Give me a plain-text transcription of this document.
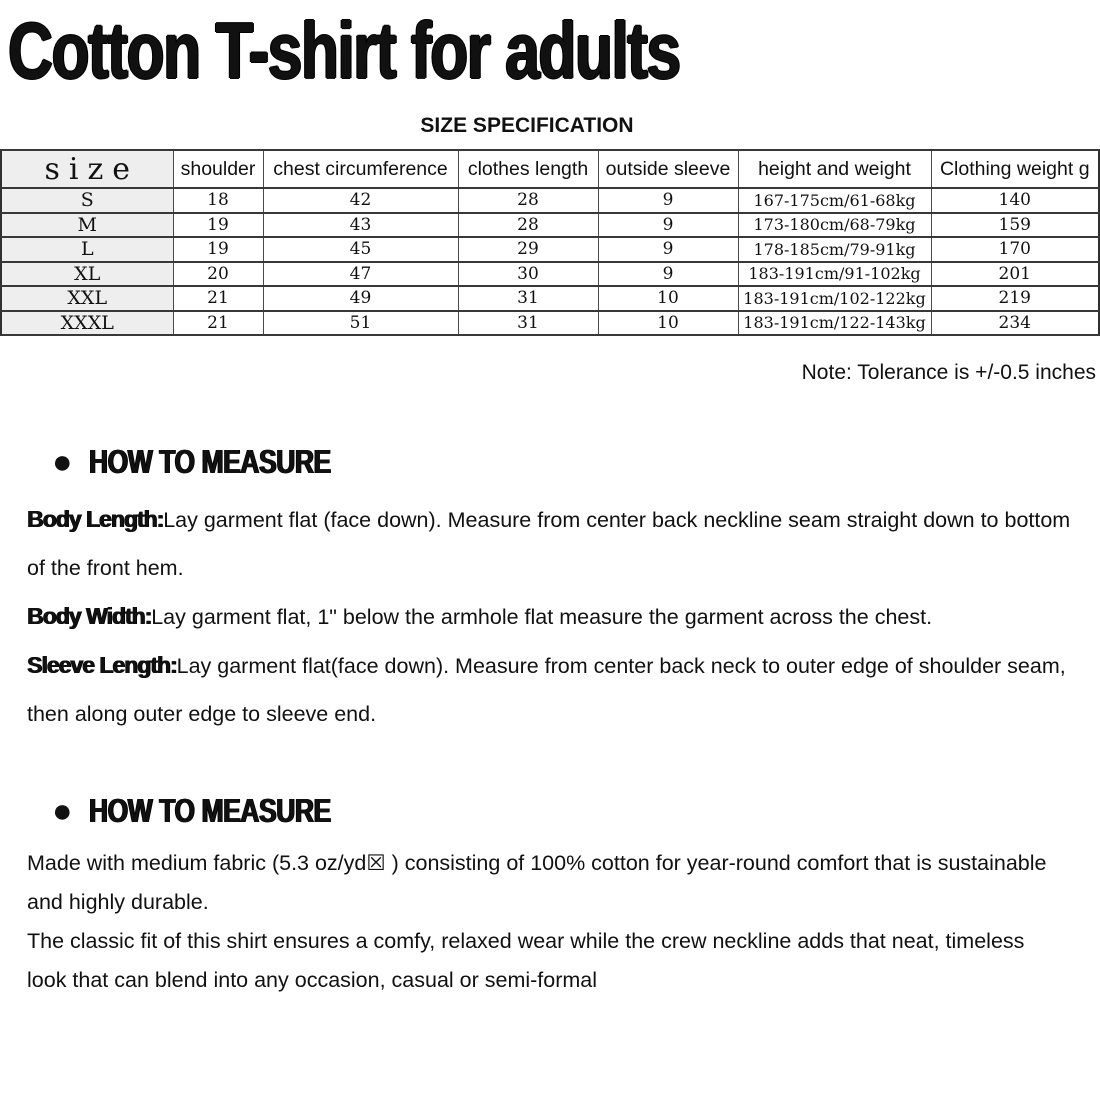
Cotton T-shirt for adults
SIZE SPECIFICATION
size	shoulder	chest circumference	clothes length	outside sleeve	height and weight	Clothing weight g
S	18	42	28	9	167-175cm/61-68kg	140
M	19	43	28	9	173-180cm/68-79kg	159
L	19	45	29	9	178-185cm/79-91kg	170
XL	20	47	30	9	183-191cm/91-102kg	201
XXL	21	49	31	10	183-191cm/102-122kg	219
XXXL	21	51	31	10	183-191cm/122-143kg	234
Note: Tolerance is +/-0.5 inches
● HOW TO MEASURE

Body Length:Lay garment flat (face down). Measure from center back neckline seam straight down to bottom of the front hem.

Body Width:Lay garment flat, 1" below the armhole flat measure the garment across the chest.

Sleeve Length:Lay garment flat(face down). Measure from center back neck to outer edge of shoulder seam, then along outer edge to sleeve end.

● HOW TO MEASURE

Made with medium fabric (5.3 oz/yd☒ ) consisting of 100% cotton for year-round comfort that is sustainable and highly durable.

The classic fit of this shirt ensures a comfy, relaxed wear while the crew neckline adds that neat, timeless look that can blend into any occasion, casual or semi-formal
